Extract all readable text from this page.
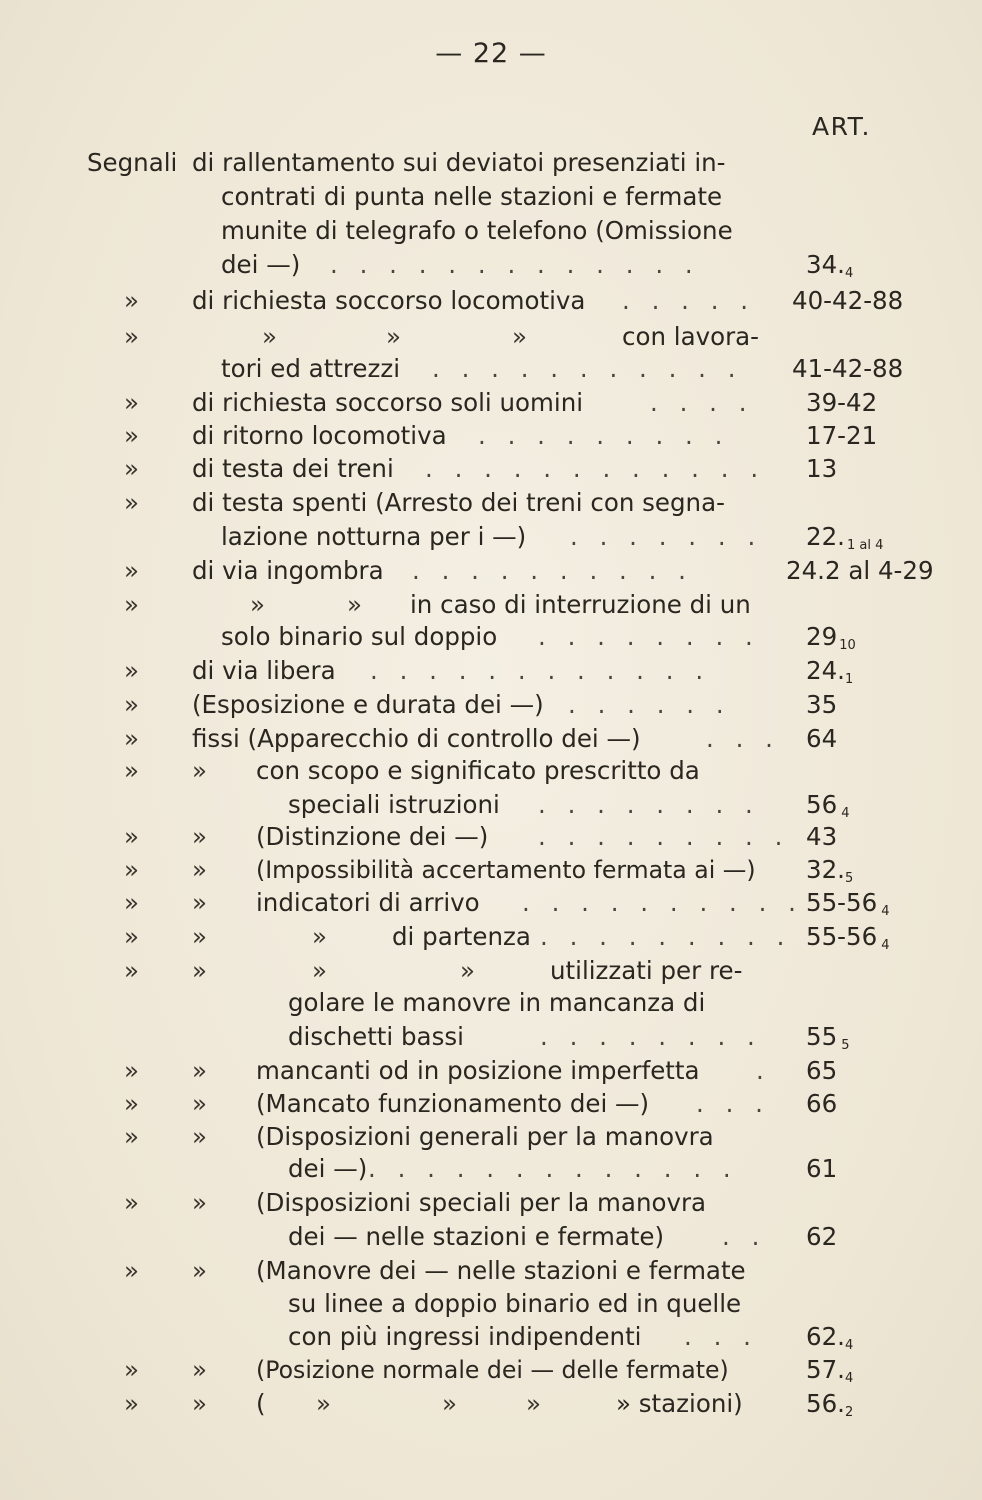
— 22 —
ART.
Segnali di rallentamento sui deviatoi presenziati in-
contrati di punta nelle stazioni e fermate
munite di telegrafo o telefono (Omissione
dei —) . . . . . . . . . . . . .	34.4
» di richiesta soccorso locomotiva . . . . . 40-42-88
»	»	»	»	con lavora-
tori ed attrezzi . . . . . . . . . . . 41-42-88
» di richiesta soccorso soli uomini	. . . . 39-42
» di ritorno locomotiva . . . . . . . . .	17-21
» di testa dei treni . . . . . . . . . . . . 13
» di testa spenti (Arresto dei treni con segna-
lazione notturna per i —) . . . . . . . 22. 1 al 4
» di via ingombra . . . . . . . . . .	24.2 al 4-29
»	»	» in caso di interruzione di un
solo binario sul doppio . . . . . . . . 29 10
» di via libera . . . . . . . . . . . .	24.1
» (Esposizione e durata dei —) . . . . . .	35
» fissi (Apparecchio di controllo dei —)	. . . 64
» » con scopo e significato prescritto da
speciali istruzioni . . . . . . . . 56 4
» » (Distinzione dei —) . . . . . . . . . 43
» » (Impossibilità accertamento fermata ai —) 32.5
» » indicatori di arrivo . . . . . . . . . . 55-56 4
» »	»	di partenza . . . . . . . . . 55-56 4
» »	»	»	utilizzati per re-
golare le manovre in mancanza di
dischetti bassi	. . . . . . . . 55 5
» » mancanti od in posizione imperfetta . 65
» » (Mancato funzionamento dei —) . . . 66
» » (Disposizioni generali per la manovra
dei —) . . . . . . . . . . . . .	61
» » (Disposizioni speciali per la manovra
dei — nelle stazioni e fermate) . . 62
» » (Manovre dei — nelle stazioni e fermate
su linee a doppio binario ed in quelle
con più ingressi indipendenti . . . 62.4
» » (Posizione normale dei — delle fermate)	57.4
» » ( »	»	»	» stazioni)	56.2
